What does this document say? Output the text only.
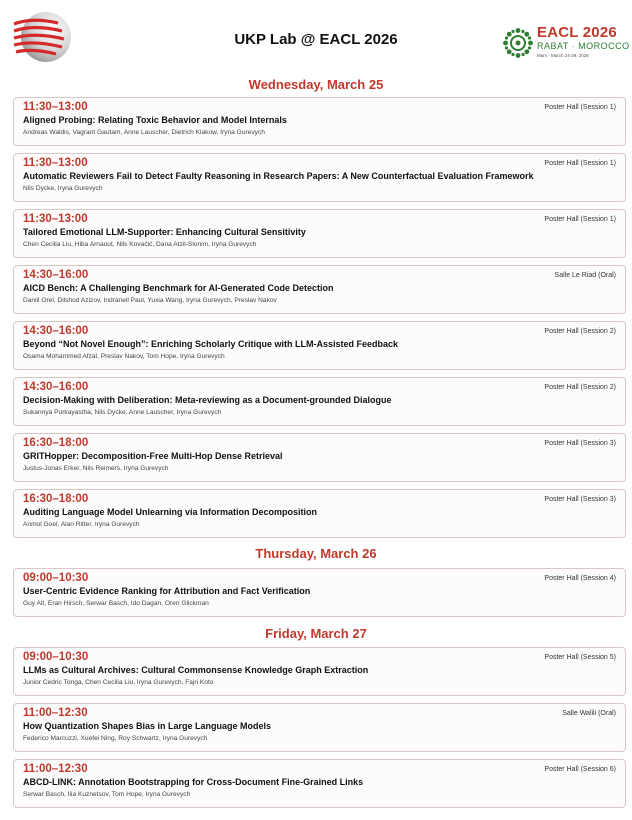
UKP Lab @ EACL 2026	EACL 2026
RABAT · MOROCCO
Mars - March 24-29, 2026
Wednesday, March 25
11:30–13:00	Poster Hall (Session 1)
Aligned Probing: Relating Toxic Behavior and Model Internals
Andreas Waldis, Vagrant Gautam, Anne Lauscher, Dietrich Klakow, Iryna Gurevych
11:30–13:00	Poster Hall (Session 1)
Automatic Reviewers Fail to Detect Faulty Reasoning in Research Papers: A New Counterfactual Evaluation Framework
Nils Dycke, Iryna Gurevych
11:30–13:00	Poster Hall (Session 1)
Tailored Emotional LLM-Supporter: Enhancing Cultural Sensitivity
Chen Cecilia Liu, Hiba Arnaout, Nils Kovačić, Dana Atzil-Slonim, Iryna Gurevych
14:30–16:00	Salle Le Riad (Oral)
AICD Bench: A Challenging Benchmark for AI-Generated Code Detection
Daniil Orel, Dilshod Azizov, Indraneil Paul, Yuxia Wang, Iryna Gurevych, Preslav Nakov
14:30–16:00	Poster Hall (Session 2)
Beyond “Not Novel Enough”: Enriching Scholarly Critique with LLM-Assisted Feedback
Osama Mohammed Afzal, Preslav Nakov, Tom Hope, Iryna Gurevych
14:30–16:00	Poster Hall (Session 2)
Decision-Making with Deliberation: Meta-reviewing as a Document-grounded Dialogue
Sukannya Purkayastha, Nils Dycke, Anne Lauscher, Iryna Gurevych
16:30–18:00	Poster Hall (Session 3)
GRITHopper: Decomposition-Free Multi-Hop Dense Retrieval
Justus-Jonas Erker, Nils Reimers, Iryna Gurevych
16:30–18:00	Poster Hall (Session 3)
Auditing Language Model Unlearning via Information Decomposition
Anmol Goel, Alan Ritter, Iryna Gurevych
Thursday, March 26
09:00–10:30	Poster Hall (Session 4)
User-Centric Evidence Ranking for Attribution and Fact Verification
Guy Alt, Eran Hirsch, Serwar Basch, Ido Dagan, Oren Glickman
Friday, March 27
09:00–10:30	Poster Hall (Session 5)
LLMs as Cultural Archives: Cultural Commonsense Knowledge Graph Extraction
Junior Cedric Tonga, Chen Cecilia Liu, Iryna Gurevych, Fajri Koto
11:00–12:30	Salle Walili (Oral)
How Quantization Shapes Bias in Large Language Models
Federico Marcuzzi, Xuefei Ning, Roy Schwartz, Iryna Gurevych
11:00–12:30	Poster Hall (Session 6)
ABCD-LINK: Annotation Bootstrapping for Cross-Document Fine-Grained Links
Serwar Basch, Ilia Kuznetsov, Tom Hope, Iryna Gurevych
